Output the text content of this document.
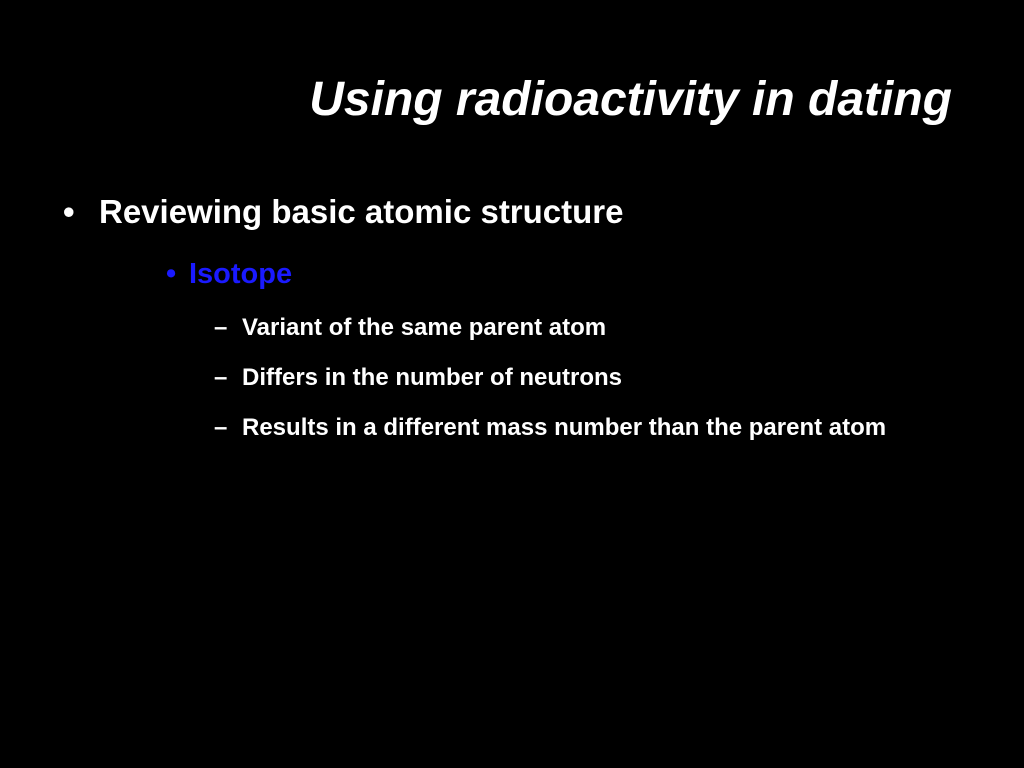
Using radioactivity in dating
• Reviewing basic atomic structure
• Isotope
– Variant of the same parent atom
– Differs in the number of neutrons
– Results in a different mass number than the parent atom
